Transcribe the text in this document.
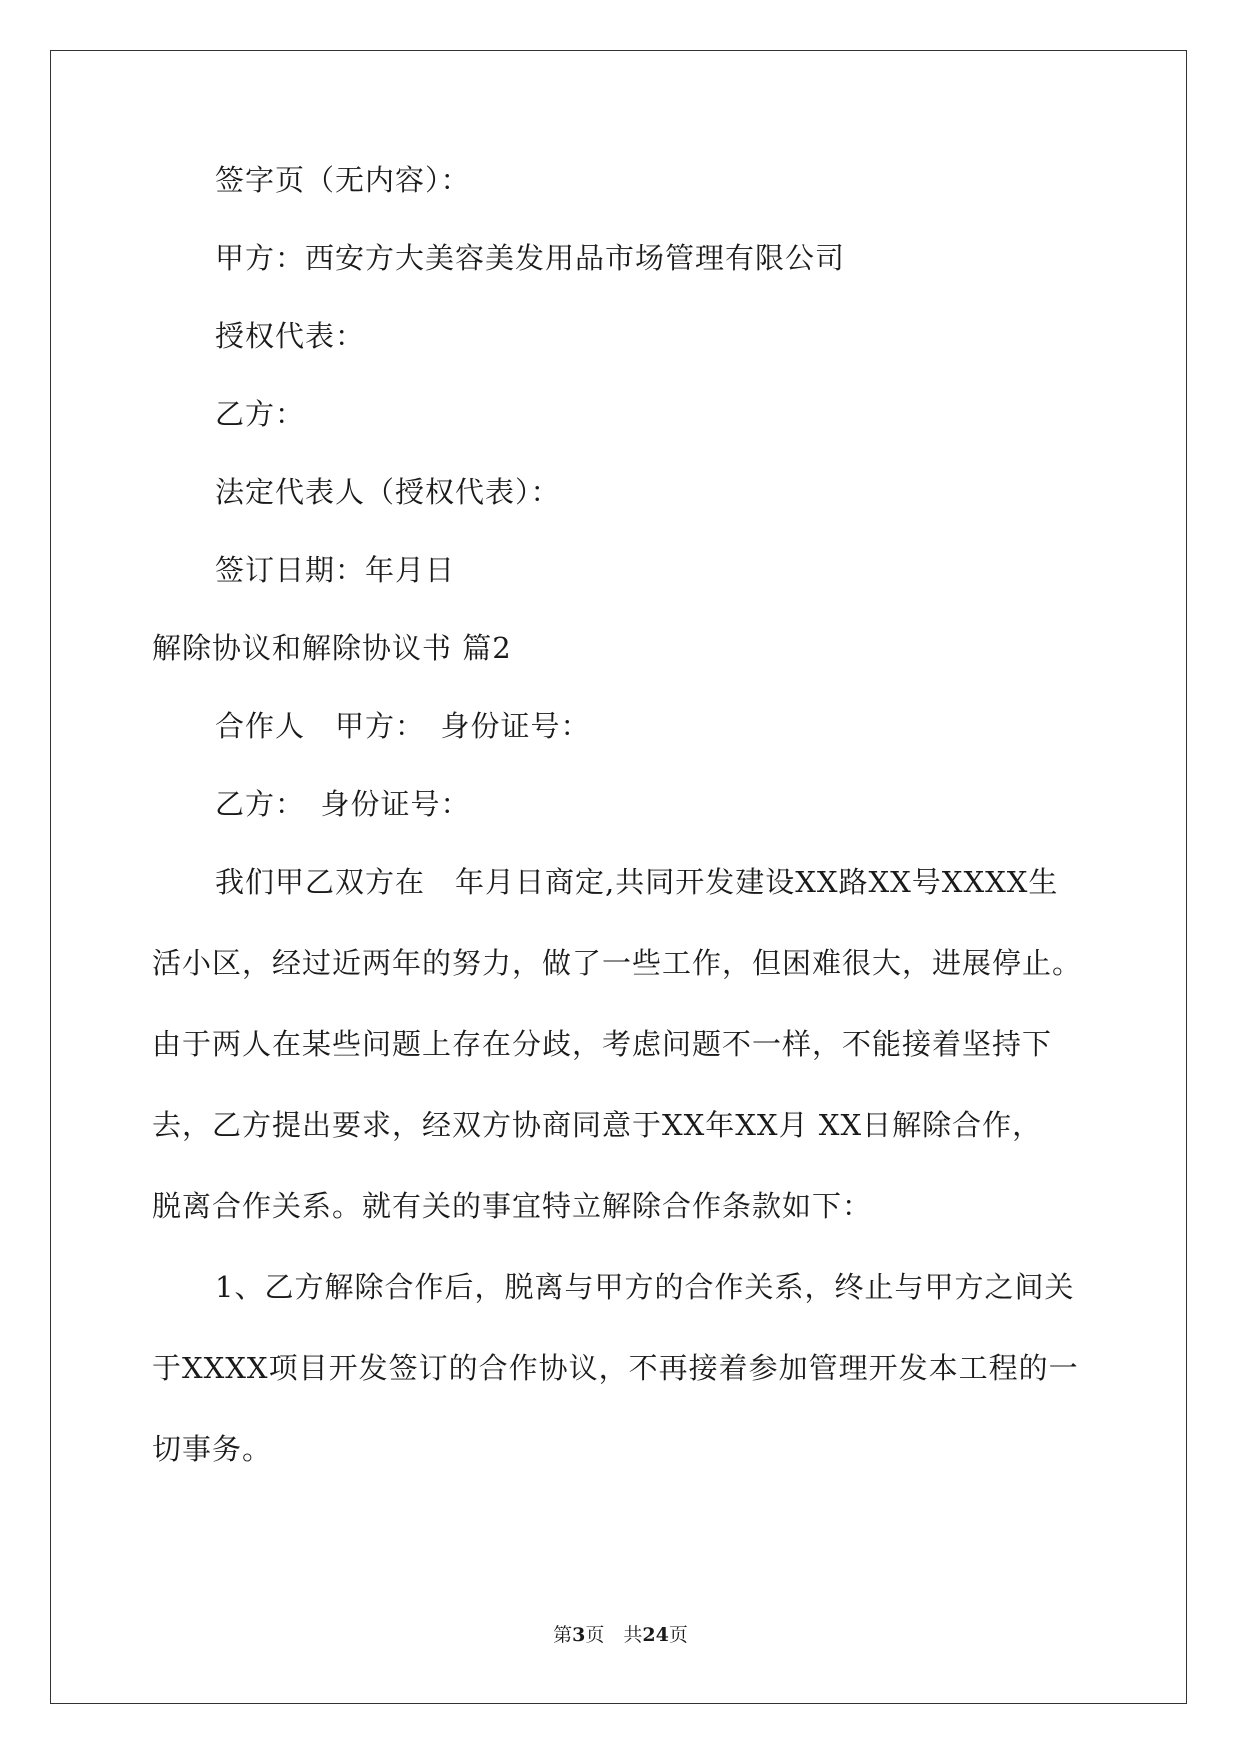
签字页（无内容）：

甲方：西安方大美容美发用品市场管理有限公司

授权代表：

乙方：

法定代表人（授权代表）：

签订日期：年月日

解除协议和解除协议书 篇2

合作人　甲方：　身份证号：

乙方：　身份证号：

我们甲乙双方在　年月日商定,共同开发建设XX路XX号XXXX生

活小区，经过近两年的努力，做了一些工作，但困难很大，进展停止。

由于两人在某些问题上存在分歧，考虑问题不一样，不能接着坚持下

去，乙方提出要求，经双方协商同意于XX年XX月 XX日解除合作，

脱离合作关系。就有关的事宜特立解除合作条款如下：

1、乙方解除合作后，脱离与甲方的合作关系，终止与甲方之间关

于XXXX项目开发签订的合作协议，不再接着参加管理开发本工程的一

切事务。

第3页　共24页
